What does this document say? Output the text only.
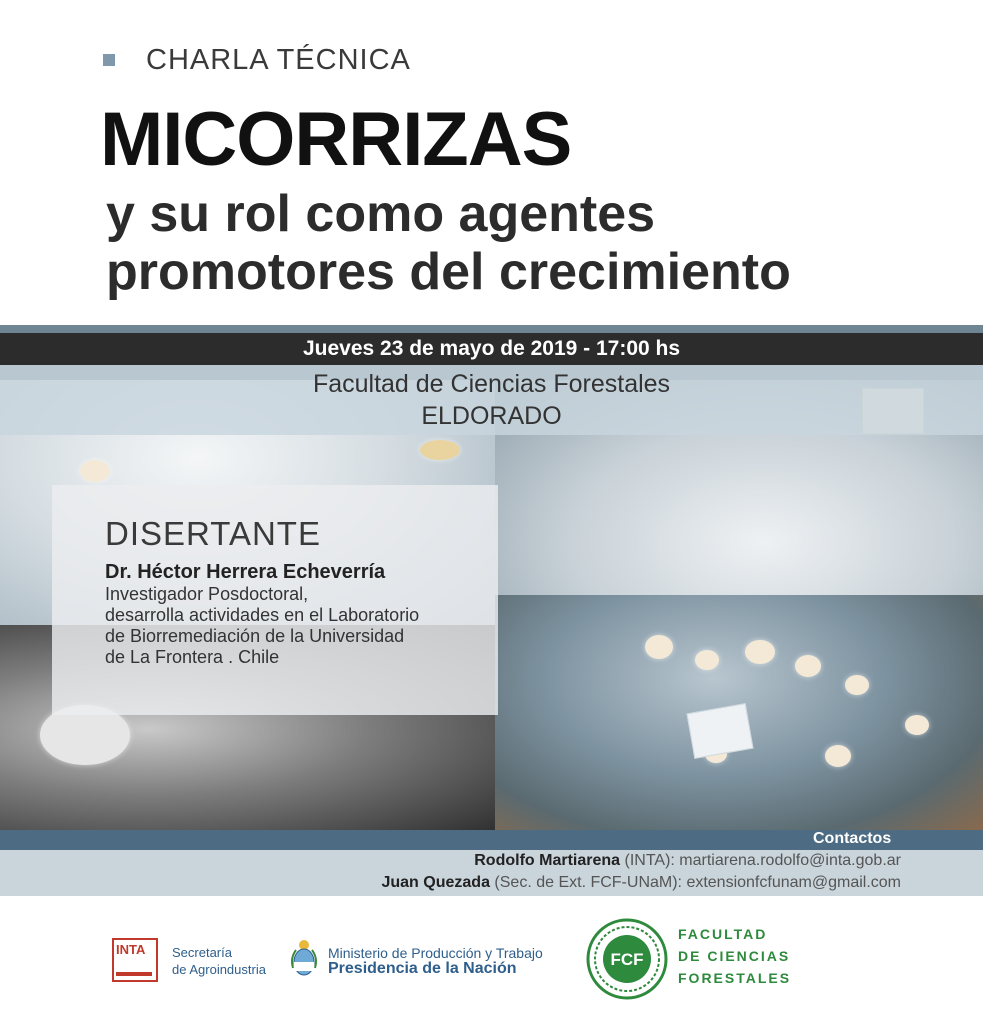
CHARLA TÉCNICA
MICORRIZAS
y su rol como agentes
promotores del crecimiento
Jueves 23 de mayo de 2019 - 17:00 hs
Facultad de Ciencias Forestales
ELDORADO
DISERTANTE
Dr. Héctor Herrera Echeverría
Investigador Posdoctoral,
desarrolla actividades en el Laboratorio
de Biorremediación de la Universidad
de La Frontera . Chile
Contactos
Rodolfo Martiarena (INTA): martiarena.rodolfo@inta.gob.ar
Juan Quezada (Sec. de Ext. FCF-UNaM): extensionfcfunam@gmail.com
INTA Secretaría
de Agroindustria
Ministerio de Producción y Trabajo
Presidencia de la Nación	FCF
FACULTAD
DE CIENCIAS
FORESTALES
